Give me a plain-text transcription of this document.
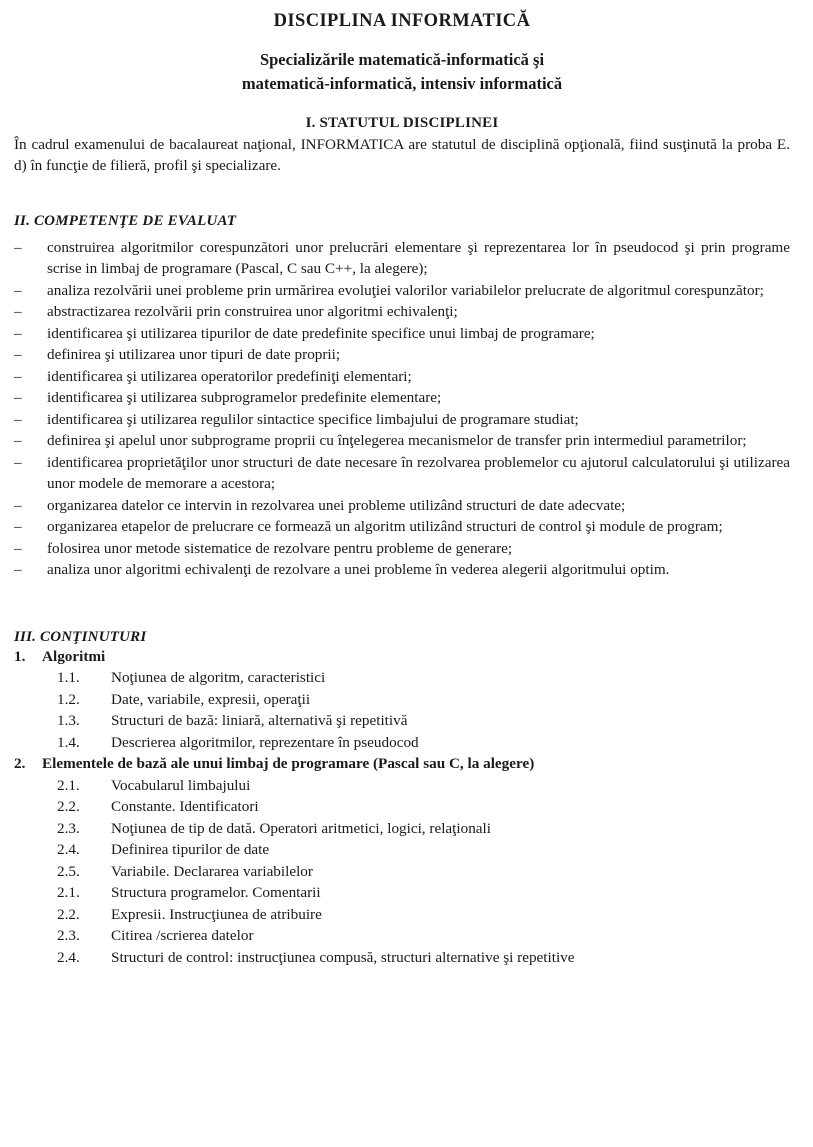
DISCIPLINA INFORMATICĂ
Specializările matematică-informatică şi
matematică-informatică, intensiv informatică
I. STATUTUL DISCIPLINEI

În cadrul examenului de bacalaureat naţional, INFORMATICA are statutul de disciplină opţională, fiind susţinută la proba E. d) în funcţie de filieră, profil şi specializare.

II. COMPETENŢE DE EVALUAT
– construirea algoritmilor corespunzători unor prelucrări elementare şi reprezentarea lor în pseudocod şi prin programe scrise in limbaj de programare (Pascal, C sau C++, la alegere);
– analiza rezolvării unei probleme prin urmărirea evoluţiei valorilor variabilelor prelucrate de algoritmul corespunzător;
– abstractizarea rezolvării prin construirea unor algoritmi echivalenţi;
– identificarea şi utilizarea tipurilor de date predefinite specifice unui limbaj de programare;
– definirea şi utilizarea unor tipuri de date proprii;
– identificarea şi utilizarea operatorilor predefiniţi elementari;
– identificarea şi utilizarea subprogramelor predefinite elementare;
– identificarea şi utilizarea regulilor sintactice specifice limbajului de programare studiat;
– definirea şi apelul unor subprograme proprii cu înţelegerea mecanismelor de transfer prin intermediul parametrilor;
– identificarea proprietăţilor unor structuri de date necesare în rezolvarea problemelor cu ajutorul calculatorului şi utilizarea unor modele de memorare a acestora;
– organizarea datelor ce intervin in rezolvarea unei probleme utilizând structuri de date adecvate;
– organizarea etapelor de prelucrare ce formează un algoritm utilizând structuri de control şi module de program;
– folosirea unor metode sistematice de rezolvare pentru probleme de generare;
– analiza unor algoritmi echivalenţi de rezolvare a unei probleme în vederea alegerii algoritmului optim.
III. CONŢINUTURI
1. Algoritmi
1.1. Noţiunea de algoritm, caracteristici
1.2. Date, variabile, expresii, operaţii
1.3. Structuri de bază: liniară, alternativă şi repetitivă
1.4. Descrierea algoritmilor, reprezentare în pseudocod
2. Elementele de bază ale unui limbaj de programare (Pascal sau C, la alegere)
2.1. Vocabularul limbajului
2.2. Constante. Identificatori
2.3. Noţiunea de tip de dată. Operatori aritmetici, logici, relaţionali
2.4. Definirea tipurilor de date
2.5. Variabile. Declararea variabilelor
2.1. Structura programelor. Comentarii
2.2. Expresii. Instrucţiunea de atribuire
2.3. Citirea /scrierea datelor
2.4. Structuri de control: instrucţiunea compusă, structuri alternative şi repetitive
